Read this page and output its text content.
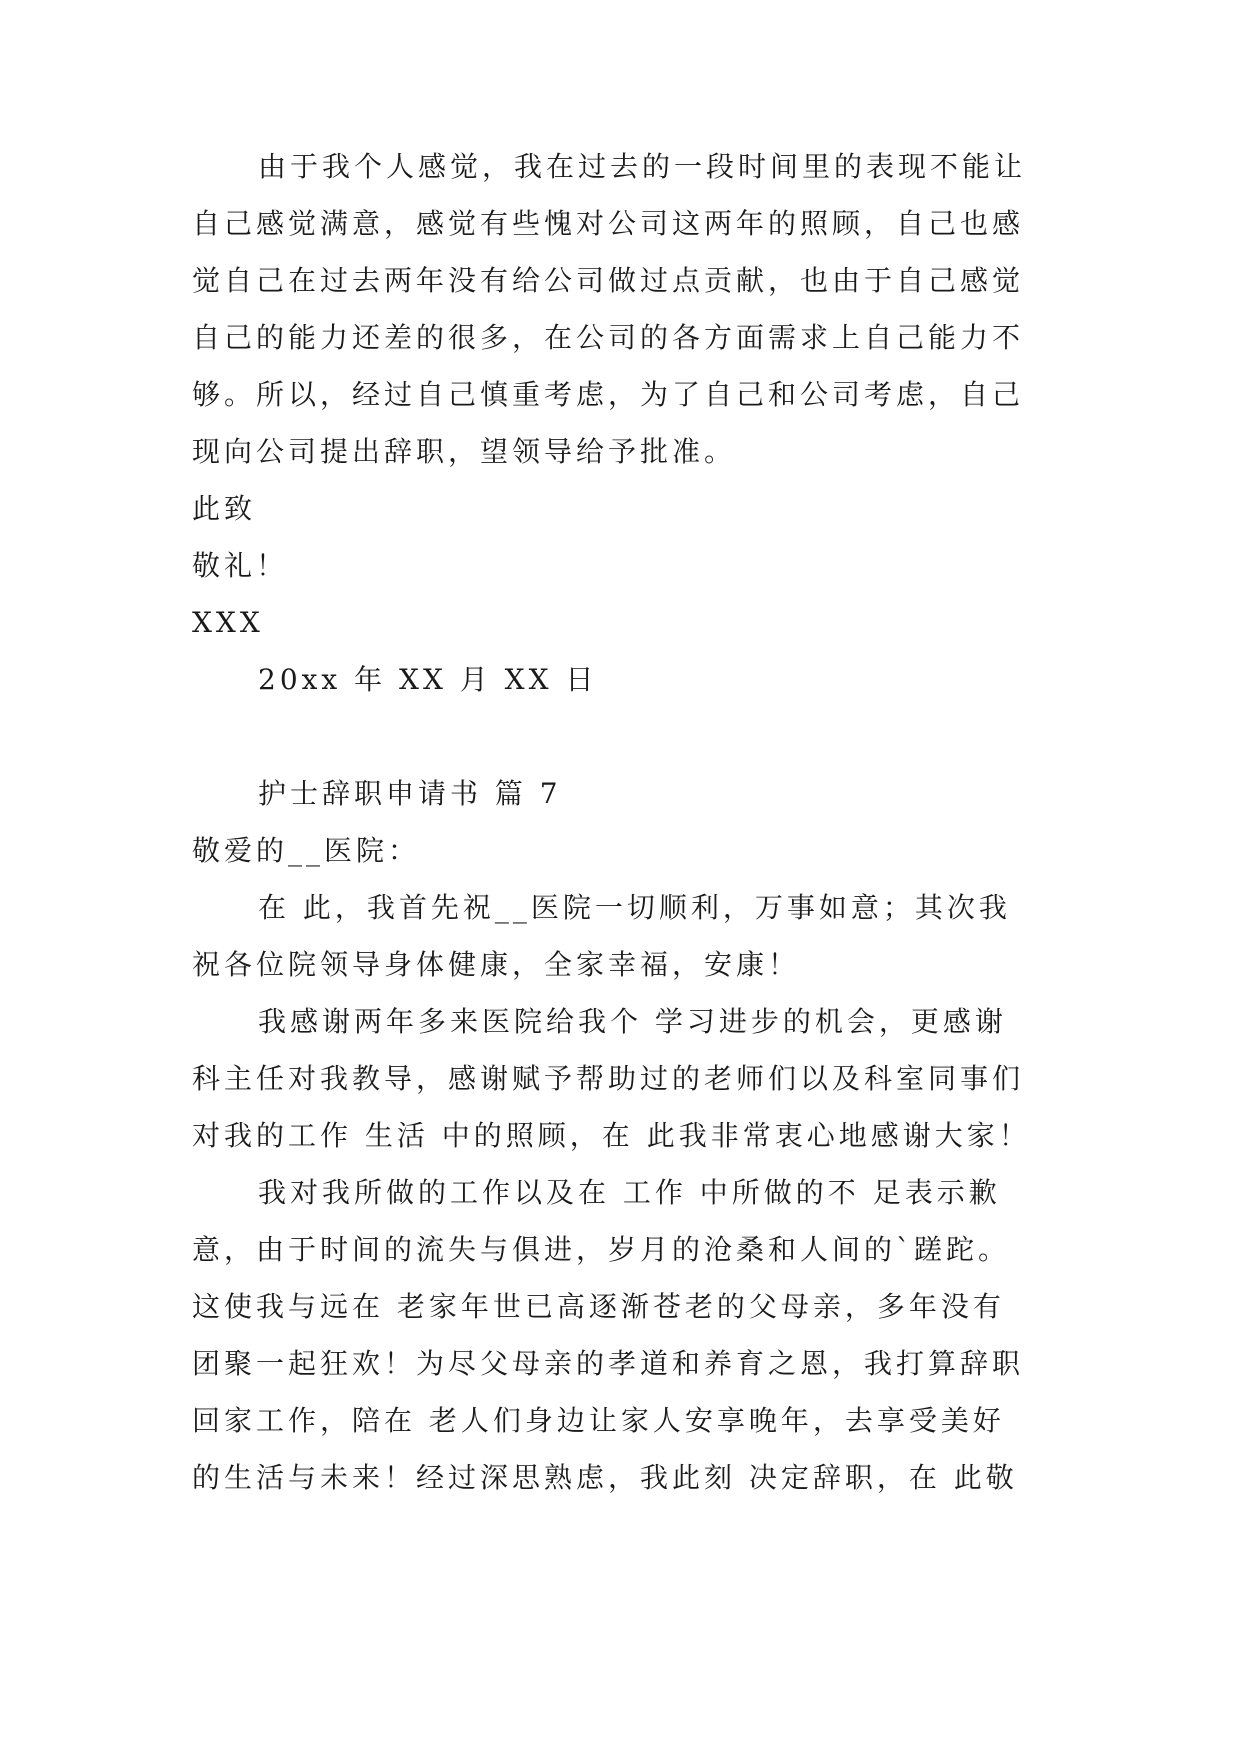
由于我个人感觉，我在过去的一段时间里的表现不能让
自己感觉满意，感觉有些愧对公司这两年的照顾，自己也感
觉自己在过去两年没有给公司做过点贡献，也由于自己感觉
自己的能力还差的很多，在公司的各方面需求上自己能力不
够。所以，经过自己慎重考虑，为了自己和公司考虑，自己
现向公司提出辞职，望领导给予批准。
此致
敬礼！
XXX
20xx 年 XX 月 XX 日
护士辞职申请书 篇 7
敬爱的__医院：
在 此，我首先祝__医院一切顺利，万事如意；其次我
祝各位院领导身体健康，全家幸福，安康！
我感谢两年多来医院给我个 学习进步的机会，更感谢
科主任对我教导，感谢赋予帮助过的老师们以及科室同事们
对我的工作 生活 中的照顾，在 此我非常衷心地感谢大家！
我对我所做的工作以及在 工作 中所做的不 足表示歉
意，由于时间的流失与俱进，岁月的沧桑和人间的`蹉跎。
这使我与远在 老家年世已高逐渐苍老的父母亲，多年没有
团聚一起狂欢！为尽父母亲的孝道和养育之恩，我打算辞职
回家工作，陪在 老人们身边让家人安享晚年，去享受美好
的生活与未来！经过深思熟虑，我此刻 决定辞职，在 此敬
